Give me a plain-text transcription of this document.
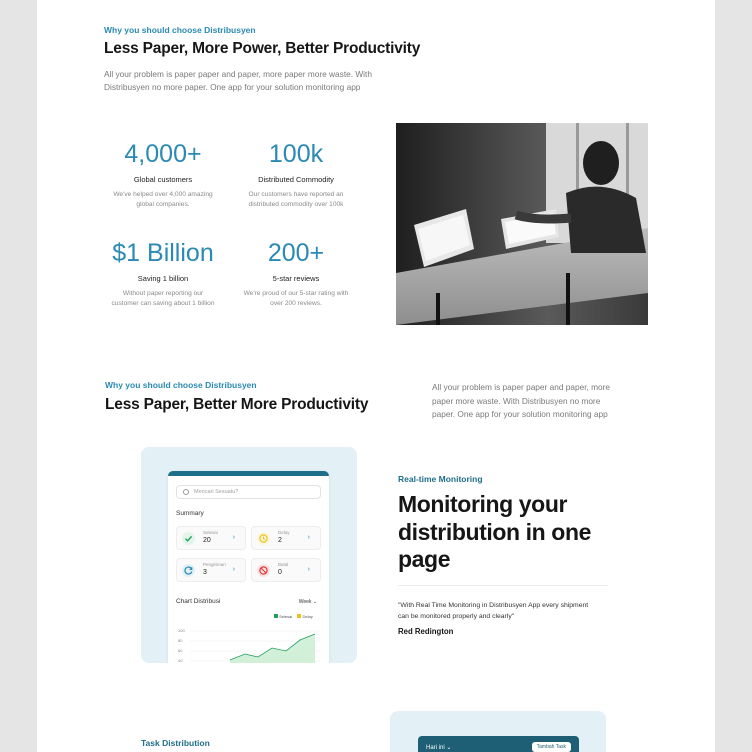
Why you should choose Distribusyen
Less Paper, More Power, Better Productivity
All your problem is paper paper and paper, more paper more waste. With
Distribusyen no more paper. One app for your solution monitoring app
4,000+
Global customers
We've helped over 4,000 amazing
global companies.
100k
Distributed Commodity
Our customers have reported an
distributed commodity over 100k
$1 Billion
Saving 1 billion
Without paper reporting our
customer can saving about 1 billion
200+
5-star reviews
We're proud of our 5-star rating with
over 200 reviews.
Why you should choose Distribusyen
Less Paper, Better More Productivity
All your problem is paper paper and paper, more
paper more waste. With Distribusyen no more
paper. One app for your solution monitoring app
Mencari Sesuatu?
Summary
Selesai
20	›
Delay
2	›
Pengiriman
3	›
Batal
0	›
Chart Distribusi	Week ⌄
Selesai	Delay
100
80
60
40
Real-time Monitoring
Monitoring your
distribution in one
page
"With Real Time Monitoring in Distribusyen App every shipment
can be monitored properly and clearly"
Red Redington
Task Distribution	Hari ini ⌄	Tambah Task
